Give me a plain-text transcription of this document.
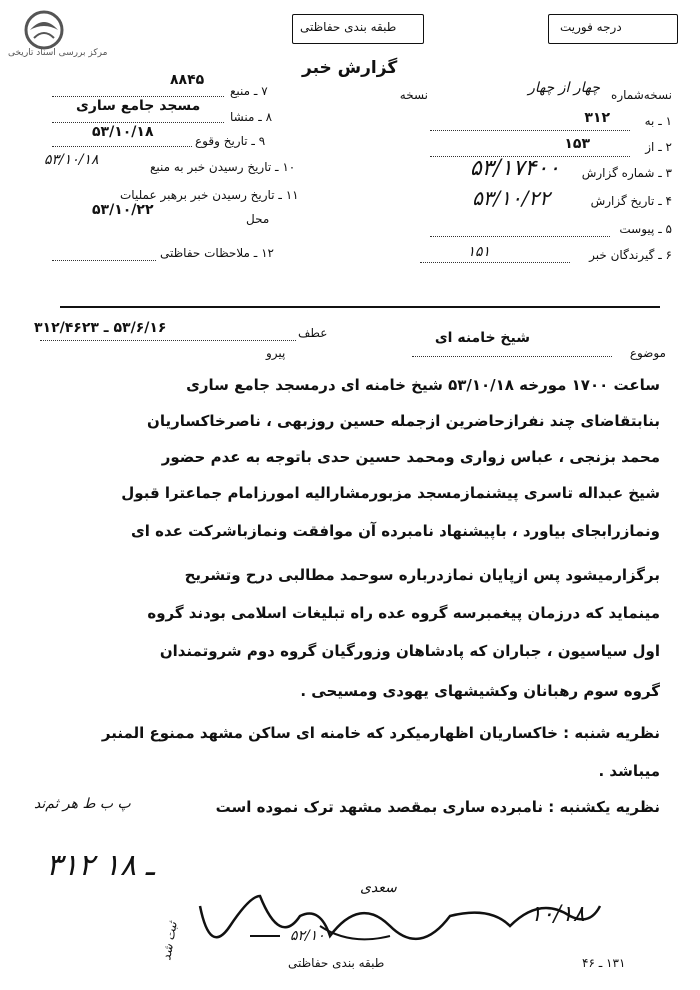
مرکز بررسی اسناد تاریخی
طبقه بندی حفاظتی	درجه فوریت
گزارش خبر
نسخه‌شماره
چهار از چهار
نسخه
۱ ـ به
۳۱۲
۲ ـ از
۱۵۳
۳ ـ شماره گزارش
۵۳/۱۷۴۰۰
۴ ـ تاریخ گزارش
۵۳/۱۰/۲۲
۵ ـ پیوست
۶ ـ گیرندگان خبر
۱۵۱
۷ ـ منبع
۸۸۴۵
۸ ـ منشا
مسجد جامع ساری
۹ ـ تاریخ وقوع
۵۳/۱۰/۱۸
۱۰ ـ تاریخ رسیدن خبر به منبع
۵۳/۱۰/۱۸
۱۱ ـ تاریخ رسیدن خبر برهبر عملیات
۵۳/۱۰/۲۲
محل
۱۲ ـ ملاحظات حفاظتی
موضوع
شیخ خامنه ای
عطف
۵۳/۶/۱۶ ـ ۳۱۲/۴۶۲۳
پیرو
ساعت ۱۷۰۰ مورخه ۵۳/۱۰/۱۸ شیخ خامنه ای درمسجد جامع ساری
بنابتقاضای چند نفرازحاضرین ازجمله حسین روزبهی ، ناصرخاکساریان
محمد بزنجی ، عباس زواری ومحمد حسین حدی باتوجه به عدم حضور
شیخ عبداله تاسری پیشنمازمسجد مزبورمشارالیه امورزامام جماعترا قبول
ونمازرابجای بیاورد ، باپیشنهاد نامبرده آن موافقت ونمازباشرکت عده ای
برگزارمیشود پس ازپایان نمازدرباره سوحمد مطالبی درح وتشریح
مینماید که درزمان پیغمبرسه گروه عده راه تبلیغات اسلامی بودند گروه
اول سیاسیون ، جباران که پادشاهان وزورگیان گروه دوم شروتمندان
گروه سوم رهبانان وکشیشهای یهودی ومسیحی .
نظریه شنبه : خاکساریان اظهارمیکرد که خامنه ای ساکن مشهد ممنوع المنبر
میباشد .
نظریه یکشنبه : نامبرده ساری بمقصد مشهد ترک نموده است
پ ب ط هر ثم‌ند
۳۱۲ ـ ۱۸
سعدی
۱۰/۱۸
۵۲/۱۰
ثبت شد
طبقه بندی حفاظتی	۱۳۱ ـ ۴۶
